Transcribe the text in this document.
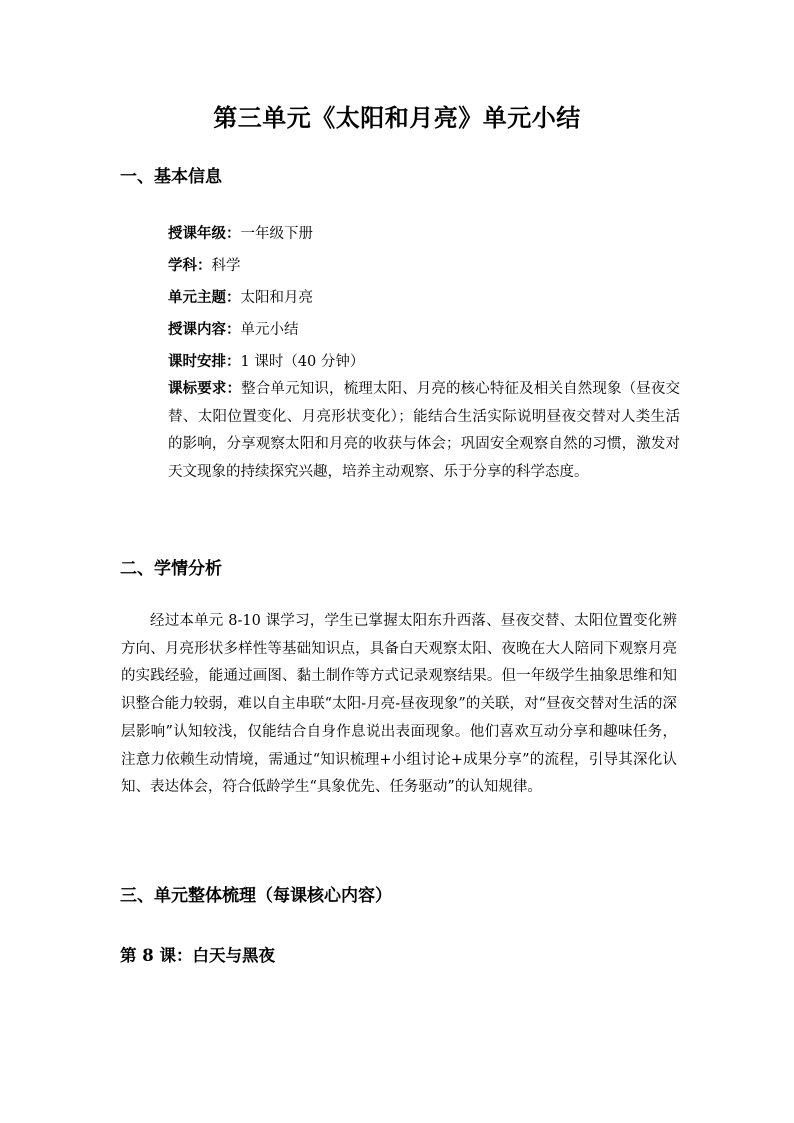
第三单元《太阳和月亮》单元小结
一、基本信息
授课年级：一年级下册
学科：科学
单元主题：太阳和月亮
授课内容：单元小结
课时安排：1 课时（40 分钟）
课标要求：整合单元知识，梳理太阳、月亮的核心特征及相关自然现象（昼夜交替、太阳位置变化、月亮形状变化）；能结合生活实际说明昼夜交替对人类生活的影响，分享观察太阳和月亮的收获与体会；巩固安全观察自然的习惯，激发对天文现象的持续探究兴趣，培养主动观察、乐于分享的科学态度。
二、学情分析
经过本单元 8-10 课学习，学生已掌握太阳东升西落、昼夜交替、太阳位置变化辨方向、月亮形状多样性等基础知识点，具备白天观察太阳、夜晚在大人陪同下观察月亮的实践经验，能通过画图、黏土制作等方式记录观察结果。但一年级学生抽象思维和知识整合能力较弱，难以自主串联“太阳-月亮-昼夜现象”的关联，对“昼夜交替对生活的深层影响”认知较浅，仅能结合自身作息说出表面现象。他们喜欢互动分享和趣味任务，注意力依赖生动情境，需通过“知识梳理+小组讨论+成果分享”的流程，引导其深化认知、表达体会，符合低龄学生“具象优先、任务驱动”的认知规律。
三、单元整体梳理（每课核心内容）
第 8 课：白天与黑夜
